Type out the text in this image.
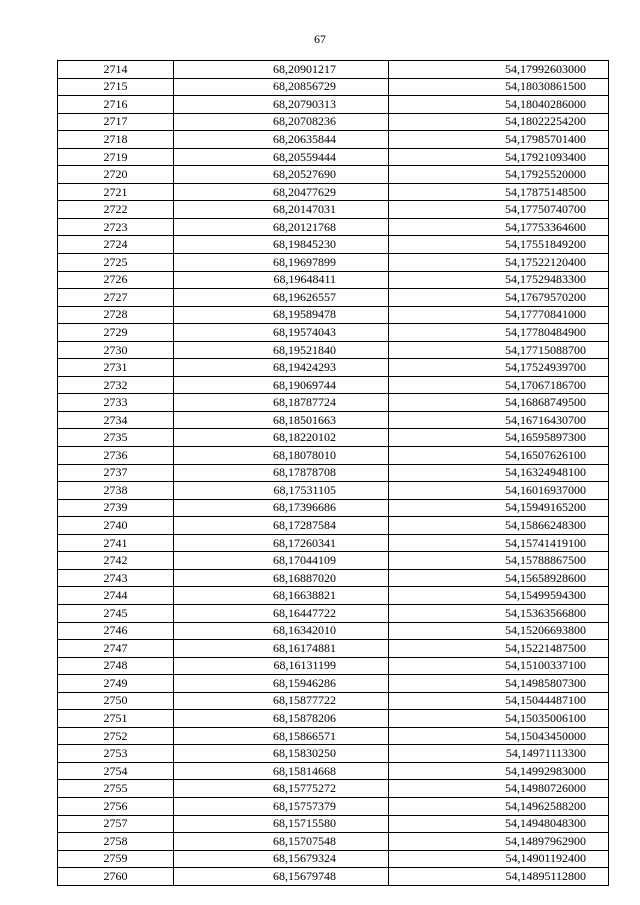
67
2714	68,20901217	54,17992603000
2715	68,20856729	54,18030861500
2716	68,20790313	54,18040286000
2717	68,20708236	54,18022254200
2718	68,20635844	54,17985701400
2719	68,20559444	54,17921093400
2720	68,20527690	54,17925520000
2721	68,20477629	54,17875148500
2722	68,20147031	54,17750740700
2723	68,20121768	54,17753364600
2724	68,19845230	54,17551849200
2725	68,19697899	54,17522120400
2726	68,19648411	54,17529483300
2727	68,19626557	54,17679570200
2728	68,19589478	54,17770841000
2729	68,19574043	54,17780484900
2730	68,19521840	54,17715088700
2731	68,19424293	54,17524939700
2732	68,19069744	54,17067186700
2733	68,18787724	54,16868749500
2734	68,18501663	54,16716430700
2735	68,18220102	54,16595897300
2736	68,18078010	54,16507626100
2737	68,17878708	54,16324948100
2738	68,17531105	54,16016937000
2739	68,17396686	54,15949165200
2740	68,17287584	54,15866248300
2741	68,17260341	54,15741419100
2742	68,17044109	54,15788867500
2743	68,16887020	54,15658928600
2744	68,16638821	54,15499594300
2745	68,16447722	54,15363566800
2746	68,16342010	54,15206693800
2747	68,16174881	54,15221487500
2748	68,16131199	54,15100337100
2749	68,15946286	54,14985807300
2750	68,15877722	54,15044487100
2751	68,15878206	54,15035006100
2752	68,15866571	54,15043450000
2753	68,15830250	54,14971113300
2754	68,15814668	54,14992983000
2755	68,15775272	54,14980726000
2756	68,15757379	54,14962588200
2757	68,15715580	54,14948048300
2758	68,15707548	54,14897962900
2759	68,15679324	54,14901192400
2760	68,15679748	54,14895112800
